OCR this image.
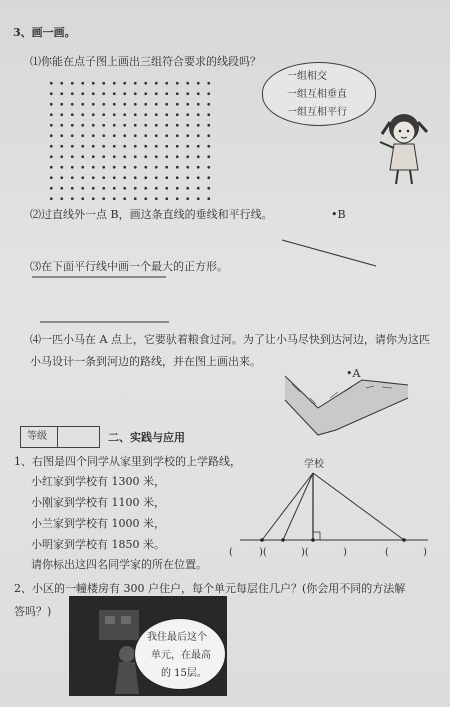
3、画一画。
⑴你能在点子图上画出三组符合要求的线段吗？
一组相交
一组互相垂直
一组互相平行
⑵过直线外一点 B，画这条直线的垂线和平行线。	•B
⑶在下面平行线中画一个最大的正方形。
⑷一匹小马在 A 点上，它要驮着粮食过河。为了让小马尽快到达河边，请你为这匹
小马设计一条到河边的路线，并在图上画出来。
•A
等级	二、实践与应用
1、右图是四个同学从家里到学校的上学路线，
小红家到学校有 1300 米，
小刚家到学校有 1100 米，
小兰家到学校有 1000 米，
小明家到学校有 1850 米。
请你标出这四名同学家的所在位置。
学校
(	)(	)(	)	(	)
2、小区的一幢楼房有 300 户住户，每个单元每层住几户？(你会用不同的方法解
答吗？)
我住最后这个
单元，在最高
的 15层。
